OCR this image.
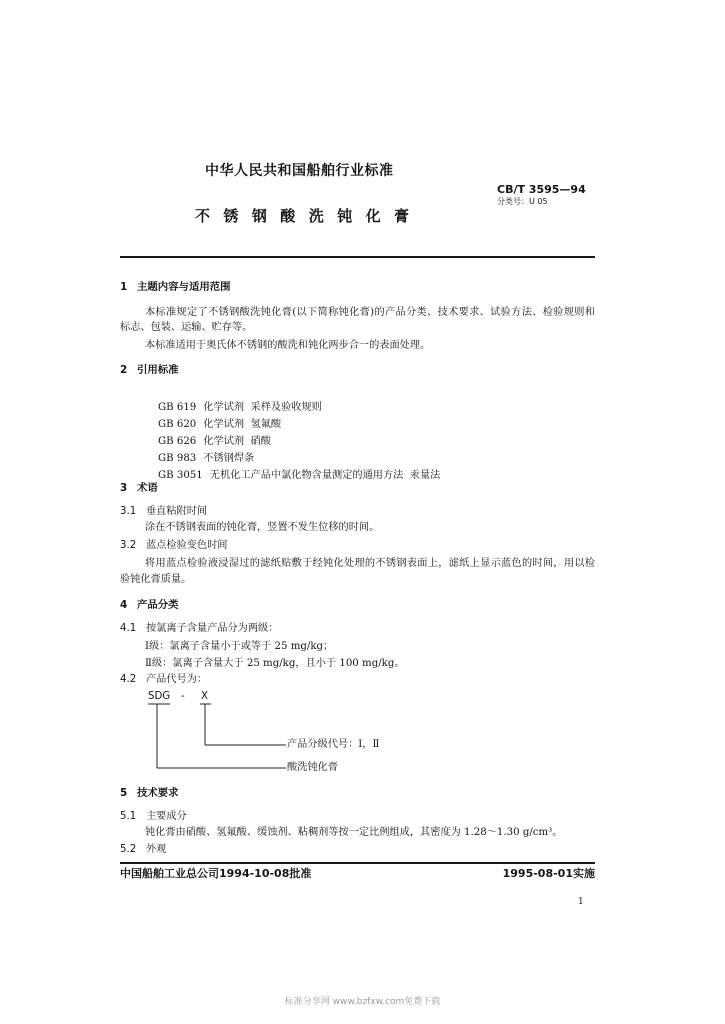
中华人民共和国船舶行业标准
CB/T 3595—94
分类号：U 05
不 锈 钢 酸 洗 钝 化 膏
1 主题内容与适用范围
本标准规定了不锈钢酸洗钝化膏(以下简称钝化膏)的产品分类、技术要求、试验方法、检验规则和
标志、包装、运输、贮存等。
本标准适用于奥氏体不锈钢的酸洗和钝化两步合一的表面处理。
2 引用标准

GB 619 化学试剂  采样及验收规则

GB 620 化学试剂  氢氟酸

GB 626 化学试剂  硝酸

GB 983 不锈钢焊条

GB 3051 无机化工产品中氯化物含量测定的通用方法  汞量法

3 术语
3.1 垂直粘附时间
涂在不锈钢表面的钝化膏，竖置不发生位移的时间。
3.2 蓝点检验变色时间
将用蓝点检验液浸湿过的滤纸贴敷于经钝化处理的不锈钢表面上，滤纸上显示蓝色的时间，用以检
验钝化膏质量。
4 产品分类
4.1 按氯离子含量产品分为两级：
Ⅰ级：氯离子含量小于或等于 25 mg/kg；
Ⅱ级：氯离子含量大于 25 mg/kg，且小于 100 mg/kg。
4.2 产品代号为：
SDG - X
产品分级代号：Ⅰ，Ⅱ
酸洗钝化膏
5 技术要求
5.1 主要成分
钝化膏由硝酸、氢氟酸、缓蚀剂、粘稠剂等按一定比例组成，其密度为 1.28～1.30 g/cm³。
5.2 外观
中国船舶工业总公司1994-10-08批准	1995-08-01实施
1
标准分享网 www.bzfxw.com免费下载
